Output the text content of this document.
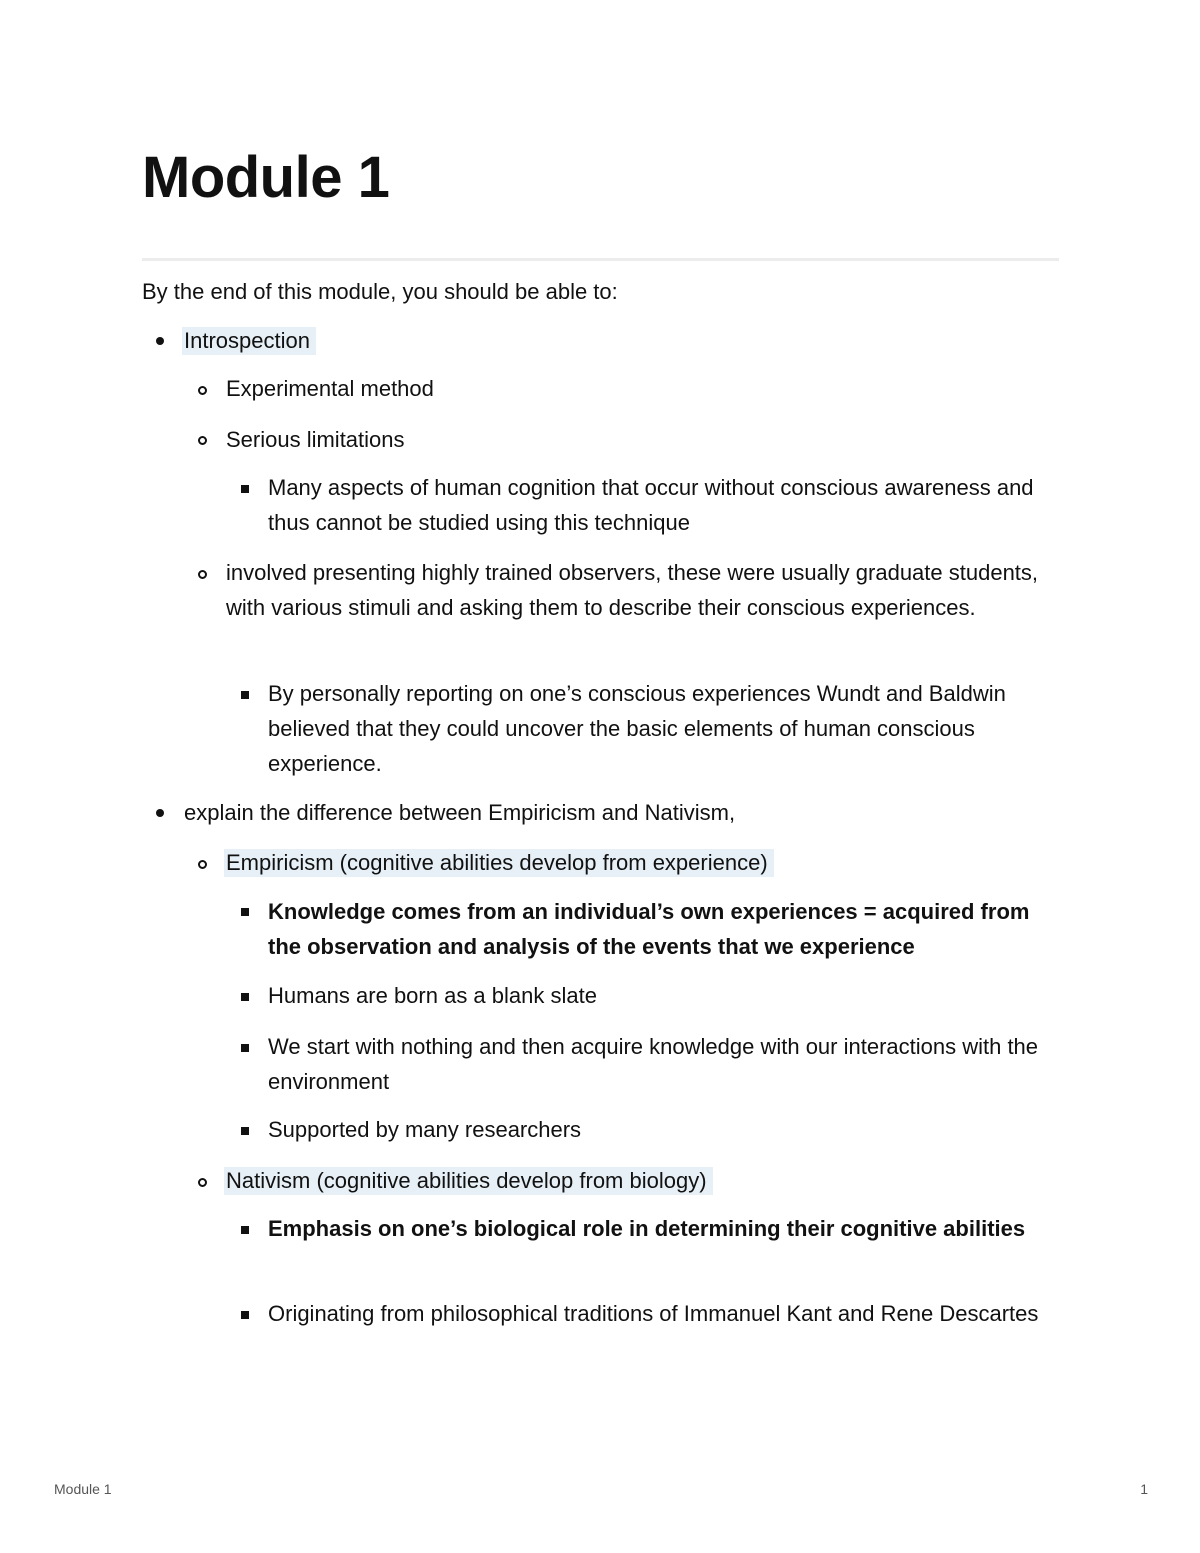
Module 1

By the end of this module, you should be able to:

Introspection

Experimental method

Serious limitations

Many aspects of human cognition that occur without conscious awareness and thus cannot be studied using this technique

involved presenting highly trained observers, these were usually graduate students, with various stimuli and asking them to describe their conscious experiences.

By personally reporting on one’s conscious experiences Wundt and Baldwin believed that they could uncover the basic elements of human conscious experience.

explain the difference between Empiricism and Nativism,

Empiricism (cognitive abilities develop from experience)

Knowledge comes from an individual’s own experiences = acquired from the observation and analysis of the events that we experience

Humans are born as a blank slate

We start with nothing and then acquire knowledge with our interactions with the environment

Supported by many researchers

Nativism (cognitive abilities develop from biology)

Emphasis on one’s biological role in determining their cognitive abilities

Originating from philosophical traditions of Immanuel Kant and Rene Descartes

Module 1	1
